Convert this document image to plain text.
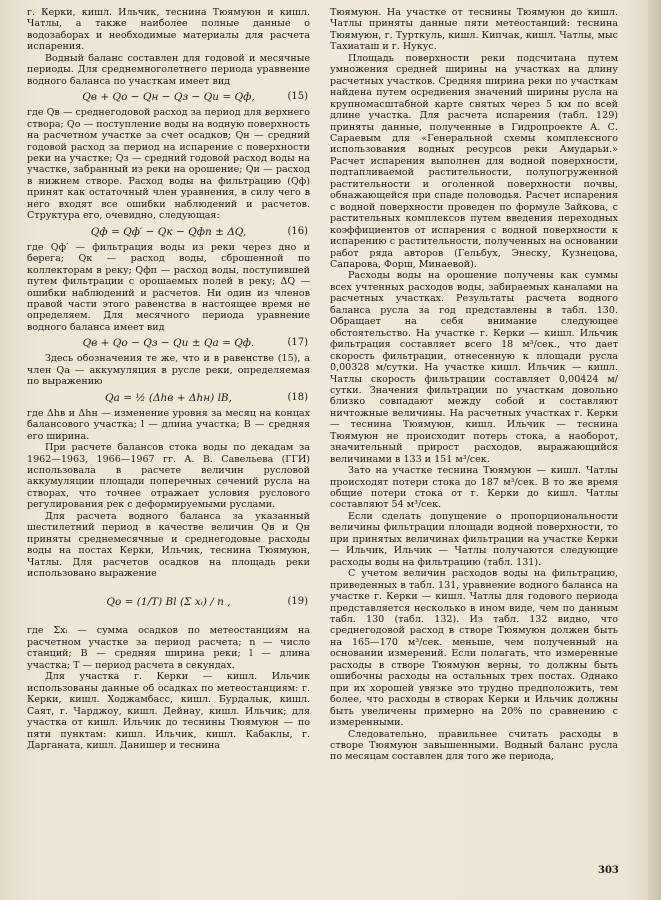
г. Керки, кишл. Ильчик, теснина Тюямуюн и кишл. Чатлы, а также наиболее полные данные о водозаборах и необходимые материалы для расчета испарения.

Водный баланс составлен для годовой и месячные периоды. Для среднемноголетнего периода уравнение водного баланса по участкам имеет вид

Qв + Qо − Qн − Qз − Qи = Qф,	(15)

где Qв — среднегодовой расход за период для верхнего створа; Qо — поступление воды на водную поверхность на расчетном участке за счет осадков; Qн — средний годовой расход за период на испарение с поверхности реки на участке; Qз — средний годовой расход воды на участке, забранный из реки на орошение; Qи — расход в нижнем створе. Расход воды на фильтрацию (Qф) принят как остаточный член уравнения, в силу чего в него входят все ошибки наблюдений и расчетов. Структура его, очевидно, следующая:

Qф = Qф′ − Qк − Qфп ± ΔQ,	(16)

где Qф′ — фильтрация воды из реки через дно и берега; Qк — расход воды, сброшенной по коллекторам в реку; Qфп — расход воды, поступившей путем фильтрации с орошаемых полей в реку; ΔQ — ошибки наблюдений и расчетов. Ни один из членов правой части этого равенства в настоящее время не определяем. Для месячного периода уравнение водного баланса имеет вид

Qв + Qо − Qз − Qи ± Qа = Qф.	(17)

Здесь обозначения те же, что и в равенстве (15), а член Qа — аккумуляция в русле реки, определяемая по выражению

Qа = ½ (Δhв + Δhн) lB,	(18)

где Δhв и Δhн — изменение уровня за месяц на концах балансового участка; l — длина участка; B — средняя его ширина.

При расчете балансов стока воды по декадам за 1962—1963, 1966—1967 гг. А. В. Савельева (ГГИ) использовала в расчете величин русловой аккумуляции площади поперечных сечений русла на створах, что точнее отражает условия руслового регулирования рек с деформируемыми руслами.

Для расчета водного баланса за указанный шестилетний период в качестве величин Qв и Qн приняты среднемесячные и среднегодовые расходы воды на постах Керки, Ильчик, теснина Тюямуюн, Чатлы. Для расчетов осадков на площадь реки использовано выражение

Qо = (1/T) Bl (Σ xᵢ) / n ,	(19)

где Σxᵢ — сумма осадков по метеостанциям на расчетном участке за период расчета; n — число станций; B — средняя ширина реки; l — длина участка; T — период расчета в секундах.

Для участка г. Керки — кишл. Ильчик использованы данные об осадках по метеостанциям: г. Керки, кишл. Ходжамбасс, кишл. Бурдалык, кишл. Саят, г. Чарджоу, кишл. Дейнау, кишл. Ильчик; для участка от кишл. Ильчик до теснины Тюямуюн — по пяти пунктам: кишл. Ильчик, кишл. Кабаклы, г. Дарганата, кишл. Данишер и теснина

Тюямуюн. На участке от теснины Тюямуюн до кишл. Чатлы приняты данные пяти метеостанций: теснина Тюямуюн, г. Турткуль, кишл. Кипчак, кишл. Чатлы, мыс Тахиаташ и г. Нукус.

Площадь поверхности реки подсчитана путем умножения средней ширины на участках на длину расчетных участков. Средняя ширина реки по участкам найдена путем осреднения значений ширины русла на крупномасштабной карте снятых через 5 км по всей длине участка. Для расчета испарения (табл. 129) приняты данные, полученные в Гидропроекте А. С. Сараевым для «Генеральной схемы комплексного использования водных ресурсов реки Амударьи.» Расчет испарения выполнен для водной поверхности, подтапливаемой растительности, полупогруженной растительности и оголенной поверхности почвы, обнажающейся при спаде половодья. Расчет испарения с водной поверхности проведен по формуле Зайкова, с растительных комплексов путем введения переходных коэффициентов от испарения с водной поверхности к испарению с растительности, полученных на основании работ ряда авторов (Гельбух, Энеску, Кузнецова, Сапарова, Форш, Минаевой).

Расходы воды на орошение получены как суммы всех учтенных расходов воды, забираемых каналами на расчетных участках. Результаты расчета водного баланса русла за год представлены в табл. 130. Обращает на себя внимание следующее обстоятельство. На участке г. Керки — кишл. Ильчик фильтрация составляет всего 18 м³/сек., что дает скорость фильтрации, отнесенную к площади русла 0,00328 м/сутки. На участке кишл. Ильчик — кишл. Чатлы скорость фильтрации составляет 0,00424 м/сутки. Значения фильтрации по участкам довольно близко совпадают между собой и составляют ничтожные величины. На расчетных участках г. Керки — теснина Тюямуюн, кишл. Ильчик — теснина Тюямуюн не происходит потерь стока, а наоборот, значительный прирост расходов, выражающийся величинами в 133 и 151 м³/сек.

Зато на участке теснина Тюямуюн — кишл. Чатлы происходят потери стока до 187 м³/сек. В то же время общие потери стока от г. Керки до кишл. Чатлы составляют 54 м³/сек.

Если сделать допущение о пропорциональности величины фильтрации площади водной поверхности, то при принятых величинах фильтрации на участке Керки — Ильчик, Ильчик — Чатлы получаются следующие расходы воды на фильтрацию (табл. 131).

С учетом величин расходов воды на фильтрацию, приведенных в табл. 131, уравнение водного баланса на участке г. Керки — кишл. Чатлы для годового периода представляется несколько в ином виде, чем по данным табл. 130 (табл. 132). Из табл. 132 видно, что среднегодовой расход в створе Тюямуюн должен быть на 165—170 м³/сек. меньше, чем полученный на основании измерений. Если полагать, что измеренные расходы в створе Тюямуюн верны, то должны быть ошибочны расходы на остальных трех постах. Однако при их хорошей увязке это трудно предположить, тем более, что расходы в створах Керки и Ильчик должны быть увеличены примерно на 20% по сравнению с измеренными.

Следовательно, правильнее считать расходы в створе Тюямуюн завышенными. Водный баланс русла по месяцам составлен для того же периода,

303
